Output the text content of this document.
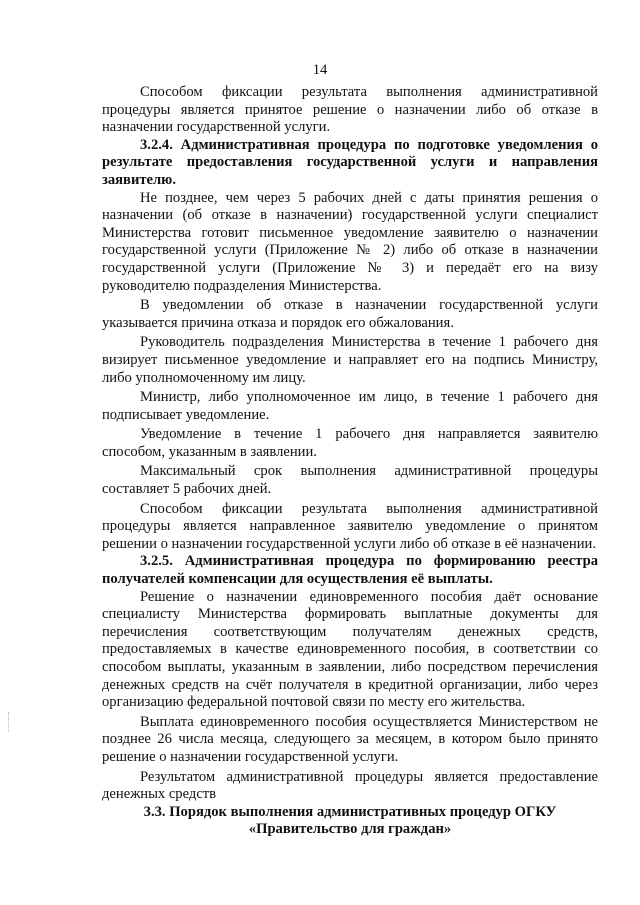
14

Способом фиксации результата выполнения административной процедуры является принятое решение о назначении либо об отказе в назначении государственной услуги.

3.2.4. Административная процедура по подготовке уведомления о результате предоставления государственной услуги и направления заявителю.

Не позднее, чем через 5 рабочих дней с даты принятия решения о назначении (об отказе в назначении) государственной услуги специалист Министерства готовит письменное уведомление заявителю о назначении государственной услуги (Приложение № 2) либо об отказе в назначении государственной услуги (Приложение № 3) и передаёт его на визу руководителю подразделения Министерства.

В уведомлении об отказе в назначении государственной услуги указывается причина отказа и порядок его обжалования.

Руководитель подразделения Министерства в течение 1 рабочего дня визирует письменное уведомление и направляет его на подпись Министру, либо уполномоченному им лицу.

Министр, либо уполномоченное им лицо, в течение 1 рабочего дня подписывает уведомление.

Уведомление в течение 1 рабочего дня направляется заявителю способом, указанным в заявлении.

Максимальный срок выполнения административной процедуры составляет 5 рабочих дней.

Способом фиксации результата выполнения административной процедуры является направленное заявителю уведомление о принятом решении о назначении государственной услуги либо об отказе в её назначении.

3.2.5. Административная процедура по формированию реестра получателей компенсации для осуществления её выплаты.

Решение о назначении единовременного пособия даёт основание специалисту Министерства формировать выплатные документы для перечисления соответствующим получателям денежных средств, предоставляемых в качестве единовременного пособия, в соответствии со способом выплаты, указанным в заявлении, либо посредством перечисления денежных средств на счёт получателя в кредитной организации, либо через организацию федеральной почтовой связи по месту его жительства.

Выплата единовременного пособия осуществляется Министерством не позднее 26 числа месяца, следующего за месяцем, в котором было принято решение о назначении государственной услуги.

Результатом административной процедуры является предоставление денежных средств

3.3. Порядок выполнения административных процедур ОГКУ

«Правительство для граждан»
